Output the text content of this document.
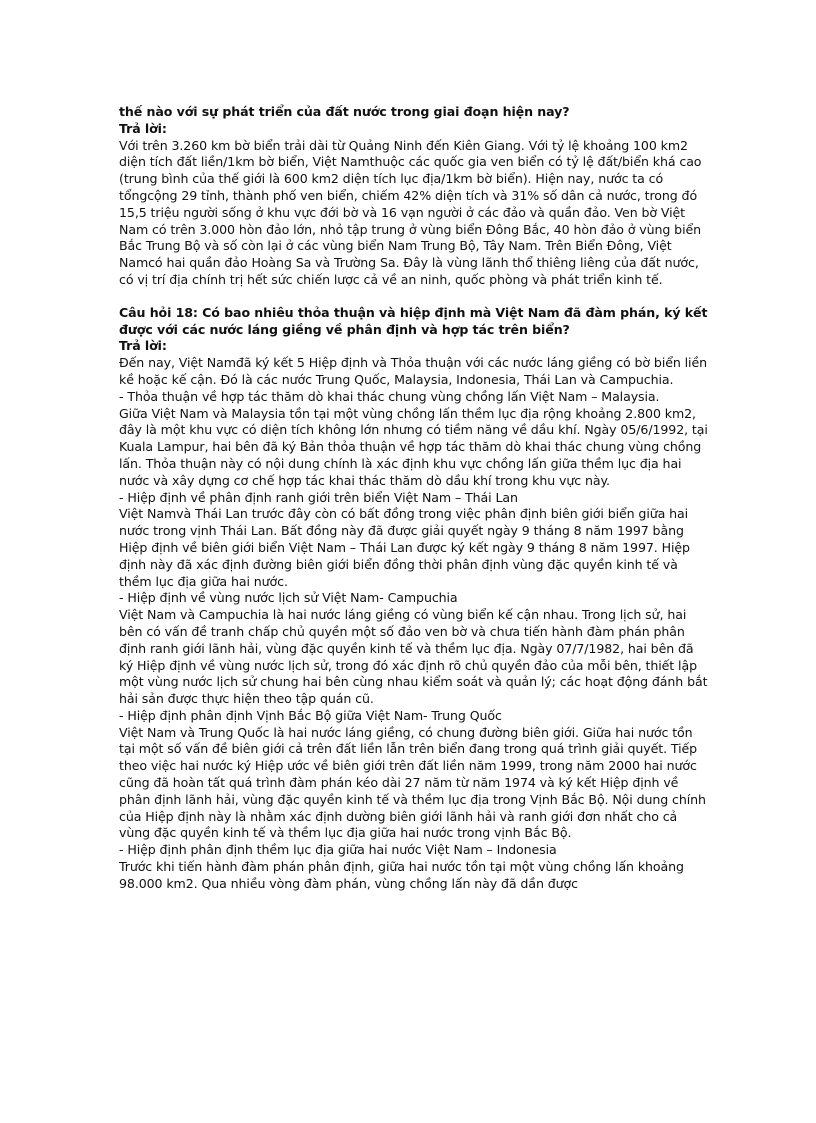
thế nào với sự phát triển của đất nước trong giai đoạn hiện nay?

Trả lời:

Với trên 3.260 km bờ biển trải dài từ Quảng Ninh đến Kiên Giang. Với tỷ lệ khoảng 100 km2 diện tích đất liền/1km bờ biển, Việt Namthuộc các quốc gia ven biển có tỷ lệ đất/biển khá cao (trung bình của thế giới là 600 km2 diện tích lục địa/1km bờ biển). Hiện nay, nước ta có tổngcộng 29 tỉnh, thành phố ven biển, chiếm 42% diện tích và 31% số dân cả nước, trong đó 15,5 triệu người sống ở khu vực đới bờ và 16 vạn người ở các đảo và quần đảo. Ven bờ Việt Nam có trên 3.000 hòn đảo lớn, nhỏ tập trung ở vùng biển Đông Bắc, 40 hòn đảo ở vùng biển Bắc Trung Bộ và số còn lại ở các vùng biển Nam Trung Bộ, Tây Nam. Trên Biển Đông, Việt Namcó hai quần đảo Hoàng Sa và Trường Sa. Đây là vùng lãnh thổ thiêng liêng của đất nước, có vị trí địa chính trị hết sức chiến lược cả về an ninh, quốc phòng và phát triển kinh tế.

Câu hỏi 18: Có bao nhiêu thỏa thuận và hiệp định mà Việt Nam đã đàm phán, ký kết được với các nước láng giềng về phân định và hợp tác trên biển?

Trả lời:

Đến nay, Việt Namđã ký kết 5 Hiệp định và Thỏa thuận với các nước láng giềng có bờ biển liền kề hoặc kế cận. Đó là các nước Trung Quốc, Malaysia, Indonesia, Thái Lan và Campuchia.

- Thỏa thuận về hợp tác thăm dò khai thác chung vùng chồng lấn Việt Nam – Malaysia.

Giữa Việt Nam và Malaysia tồn tại một vùng chồng lấn thềm lục địa rộng khoảng 2.800 km2, đây là một khu vực có diện tích không lớn nhưng có tiềm năng về dầu khí. Ngày 05/6/1992, tại Kuala Lampur, hai bên đã ký Bản thỏa thuận về hợp tác thăm dò khai thác chung vùng chồng lấn. Thỏa thuận này có nội dung chính là xác định khu vực chồng lấn giữa thềm lục địa hai nước và xây dựng cơ chế hợp tác khai thác thăm dò dầu khí trong khu vực này.

- Hiệp định về phân định ranh giới trên biển Việt Nam – Thái Lan

Việt Namvà Thái Lan trước đây còn có bất đồng trong việc phân định biên giới biển giữa hai nước trong vịnh Thái Lan. Bất đồng này đã được giải quyết ngày 9 tháng 8 năm 1997 bằng Hiệp định về biên giới biển Việt Nam – Thái Lan được ký kết ngày 9 tháng 8 năm 1997. Hiệp định này đã xác định đường biên giới biển đồng thời phân định vùng đặc quyền kinh tế và thềm lục địa giữa hai nước.

- Hiệp định về vùng nước lịch sử Việt Nam- Campuchia

Việt Nam và Campuchia là hai nước láng giềng có vùng biển kế cận nhau. Trong lịch sử, hai bên có vấn đề tranh chấp chủ quyền một số đảo ven bờ và chưa tiến hành đàm phán phân định ranh giới lãnh hải, vùng đặc quyền kinh tế và thềm lục địa. Ngày 07/7/1982, hai bên đã ký Hiệp định về vùng nước lịch sử, trong đó xác định rõ chủ quyền đảo của mỗi bên, thiết lập một vùng nước lịch sử chung hai bên cùng nhau kiểm soát và quản lý; các hoạt động đánh bắt hải sản được thực hiện theo tập quán cũ.

- Hiệp định phân định Vịnh Bắc Bộ giữa Việt Nam- Trung Quốc

Việt Nam và Trung Quốc là hai nước láng giềng, có chung đường biên giới. Giữa hai nước tồn tại một số vấn đề biên giới cả trên đất liền lẫn trên biển đang trong quá trình giải quyết. Tiếp theo việc hai nước ký Hiệp ước về biên giới trên đất liền năm 1999, trong năm 2000 hai nước cũng đã hoàn tất quá trình đàm phán kéo dài 27 năm từ năm 1974 và ký kết Hiệp định về phân định lãnh hải, vùng đặc quyền kinh tế và thềm lục địa trong Vịnh Bắc Bộ. Nội dung chính của Hiệp định này là nhằm xác định dường biên giới lãnh hải và ranh giới đơn nhất cho cả vùng đặc quyền kinh tế và thềm lục địa giữa hai nước trong vịnh Bắc Bộ.

- Hiệp định phân định thềm lục địa giữa hai nước Việt Nam – Indonesia

Trước khi tiến hành đàm phán phân định, giữa hai nước tồn tại một vùng chồng lấn khoảng 98.000 km2. Qua nhiều vòng đàm phán, vùng chồng lấn này đã dần được
